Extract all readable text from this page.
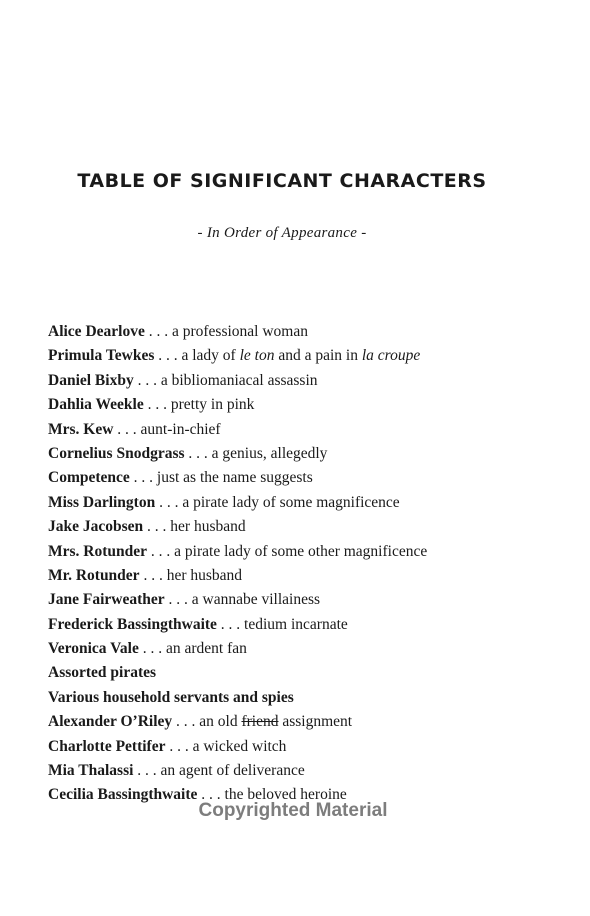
TABLE OF SIGNIFICANT CHARACTERS
- In Order of Appearance -
Alice Dearlove . . . a professional woman
Primula Tewkes . . . a lady of le ton and a pain in la croupe
Daniel Bixby . . . a bibliomaniacal assassin
Dahlia Weekle . . . pretty in pink
Mrs. Kew . . . aunt-in-chief
Cornelius Snodgrass . . . a genius, allegedly
Competence . . . just as the name suggests
Miss Darlington . . . a pirate lady of some magnificence
Jake Jacobsen . . . her husband
Mrs. Rotunder . . . a pirate lady of some other magnificence
Mr. Rotunder . . . her husband
Jane Fairweather . . . a wannabe villainess
Frederick Bassingthwaite . . . tedium incarnate
Veronica Vale . . . an ardent fan
Assorted pirates
Various household servants and spies
Alexander O’Riley . . . an old friend assignment
Charlotte Pettifer . . . a wicked witch
Mia Thalassi . . . an agent of deliverance
Cecilia Bassingthwaite . . . the beloved heroine
Copyrighted Material
